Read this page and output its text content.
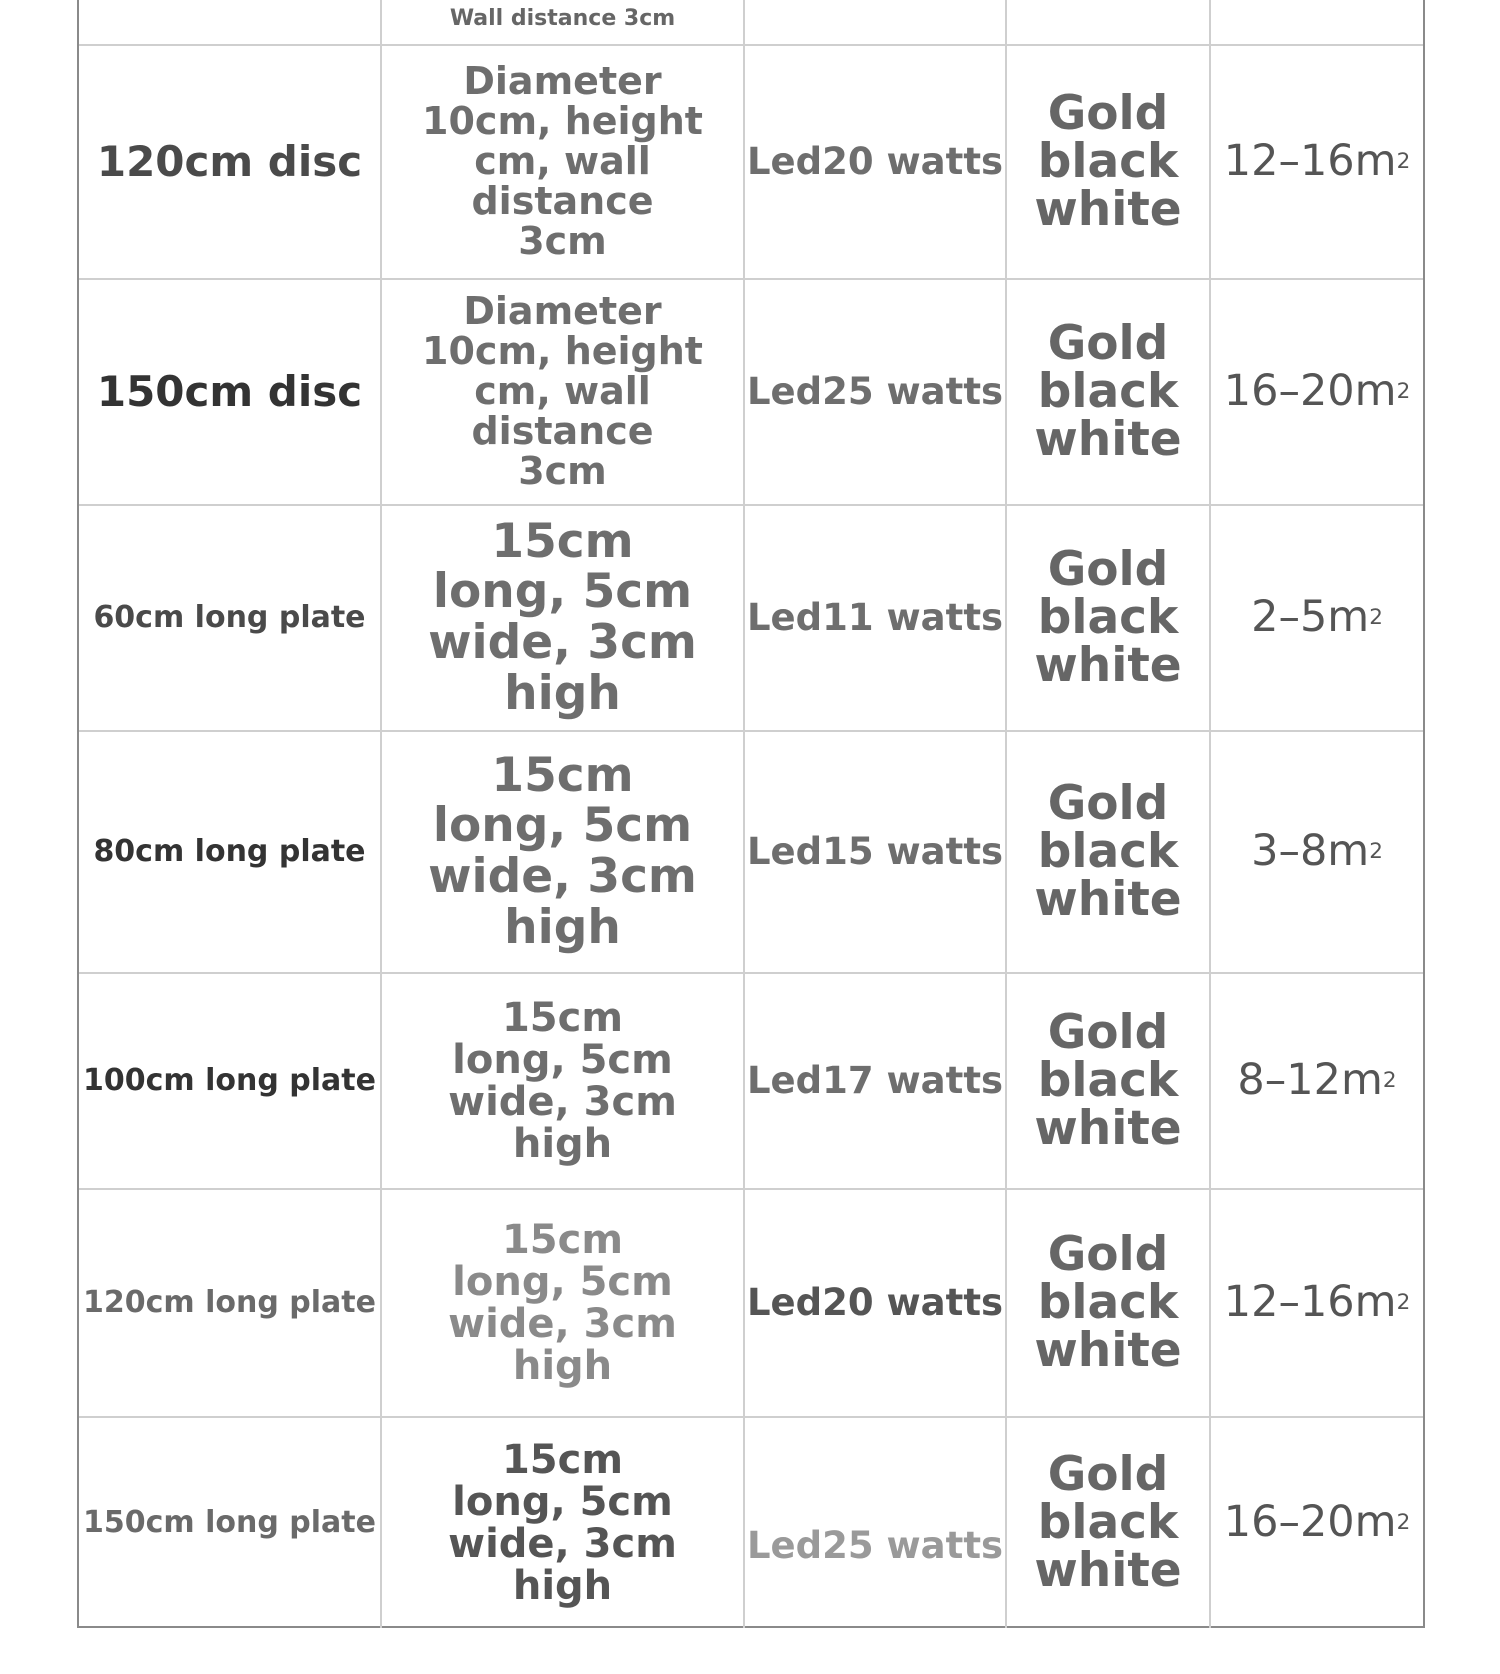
Wall distance 3cm
120cm disc
Diameter 10cm, height cm, wall distance 3cm
Led20 watts
Gold black white
12–16m 2
150cm disc
Diameter 10cm, height cm, wall distance 3cm
Led25 watts
Gold black white
16–20m 2
60cm long plate
15cm long, 5cm wide, 3cm high
Led11 watts
Gold black white
2–5m 2
80cm long plate
15cm long, 5cm wide, 3cm high
Led15 watts
Gold black white
3–8m 2
100cm long plate
15cm long, 5cm wide, 3cm high
Led17 watts
Gold black white
8–12m 2
120cm long plate
15cm long, 5cm wide, 3cm high
Led20 watts
Gold black white
12–16m 2
150cm long plate
15cm long, 5cm wide, 3cm high
Led25 watts
Gold black white
16–20m 2
